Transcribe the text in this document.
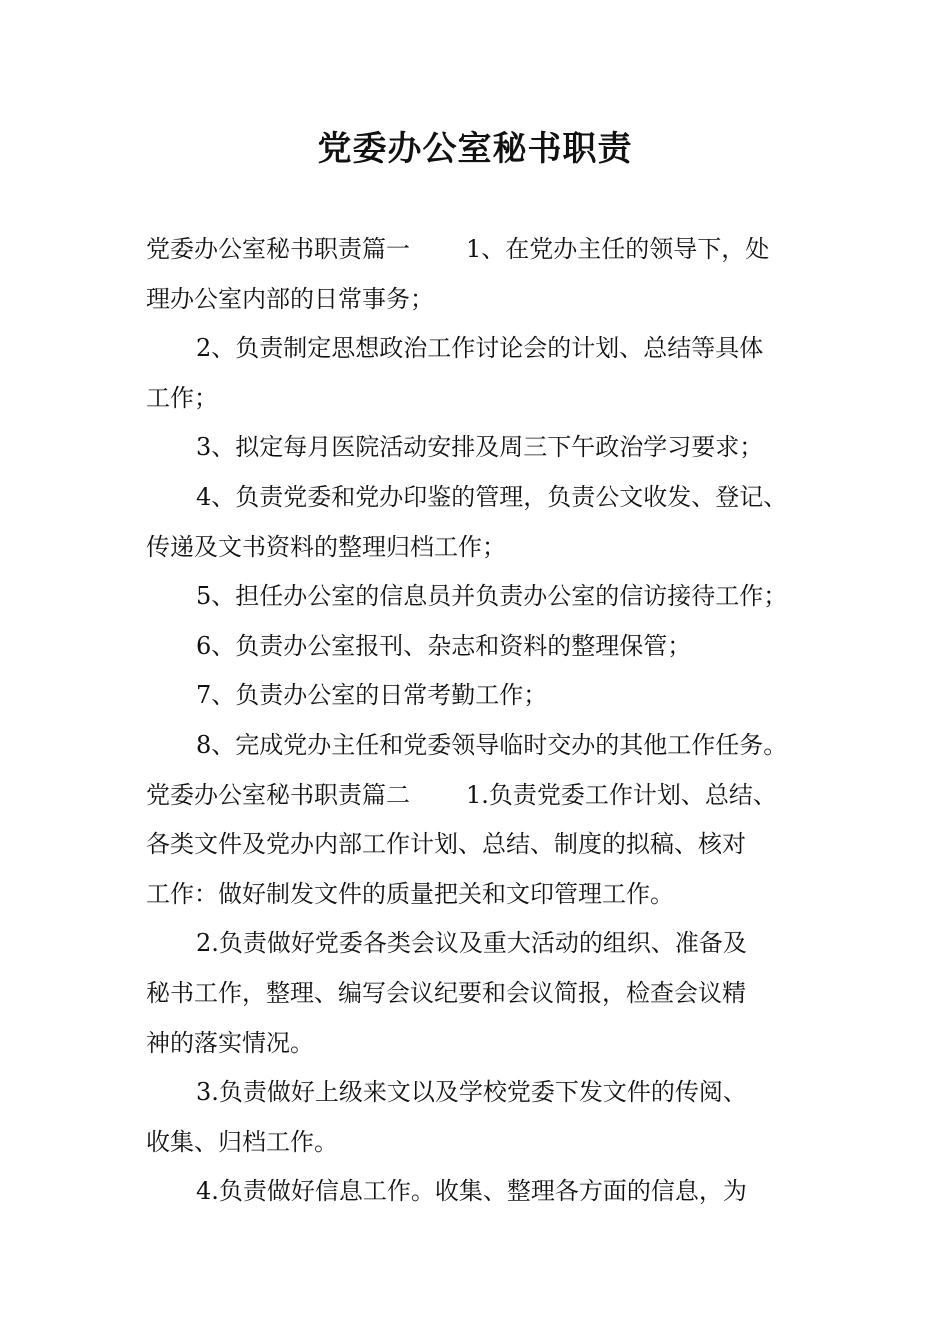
党委办公室秘书职责
党委办公室秘书职责篇一 1、在党办主任的领导下，处
理办公室内部的日常事务；
2、负责制定思想政治工作讨论会的计划、总结等具体
工作；
3、拟定每月医院活动安排及周三下午政治学习要求；
4、负责党委和党办印鉴的管理，负责公文收发、登记、
传递及文书资料的整理归档工作；
5、担任办公室的信息员并负责办公室的信访接待工作；
6、负责办公室报刊、杂志和资料的整理保管；
7、负责办公室的日常考勤工作；
8、完成党办主任和党委领导临时交办的其他工作任务。
党委办公室秘书职责篇二 1.负责党委工作计划、总结、
各类文件及党办内部工作计划、总结、制度的拟稿、核对
工作：做好制发文件的质量把关和文印管理工作。
2.负责做好党委各类会议及重大活动的组织、准备及
秘书工作，整理、编写会议纪要和会议简报，检查会议精
神的落实情况。
3.负责做好上级来文以及学校党委下发文件的传阅、
收集、归档工作。
4.负责做好信息工作。收集、整理各方面的信息，为
